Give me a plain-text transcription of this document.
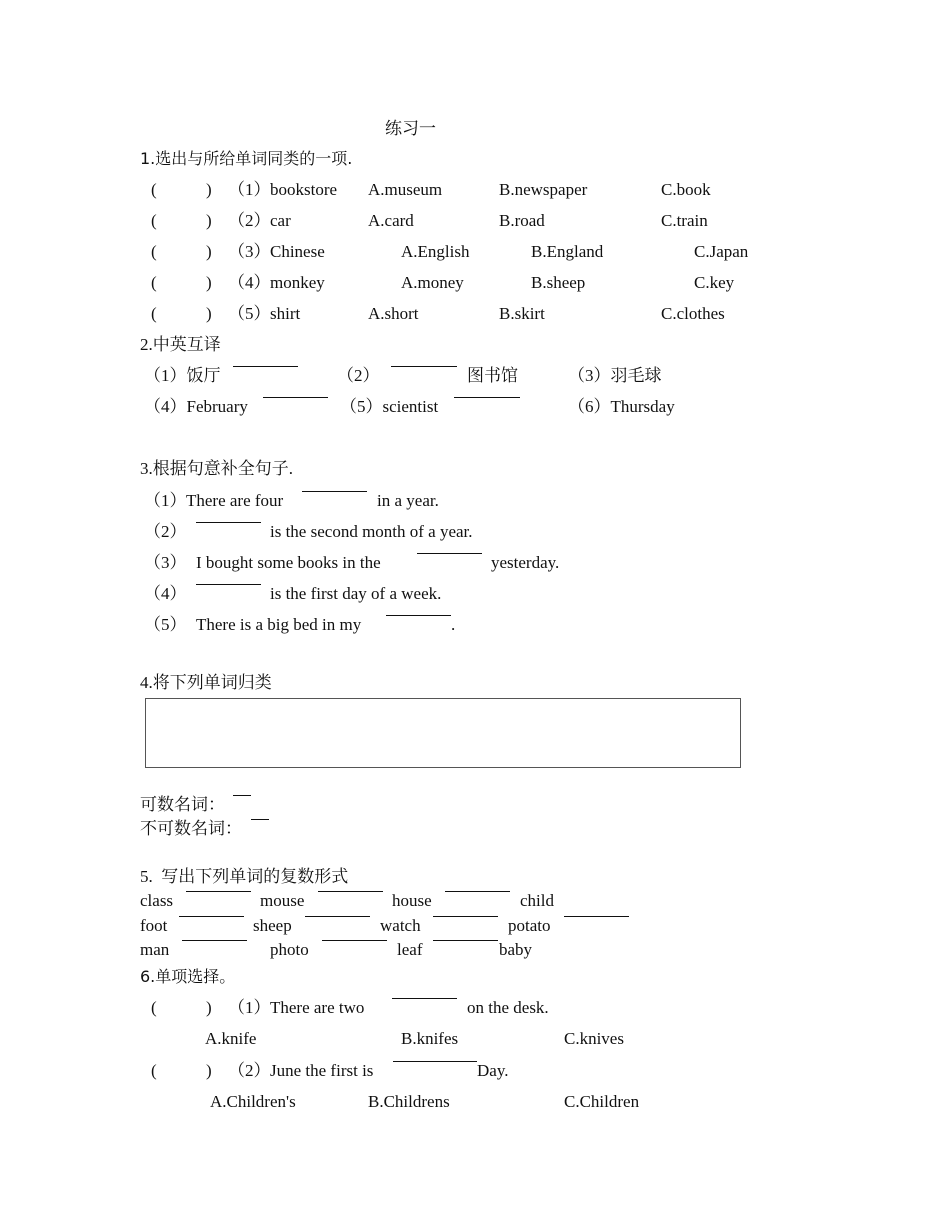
练习一
1.选出与所给单词同类的一项.
(	) （1） bookstore A.museum	B.newspaper	C.book
(	) （2） car	A.card	B.road	C.train
(	) （3） Chinese	A.English	B.England	C.Japan
(	) （4） monkey	A.money	B.sheep	C.key
(	) （5） shirt	A.short	B.skirt	C.clothes
2.中英互译
（1）饭厅	（2）	图书馆	（3）羽毛球
（4）February	（5）scientist	（6）Thursday
3.根据句意补全句子.
（1） There are four	in a year.
（2）	is the second month of a year.
（3） I bought some books in the	yesterday.
（4）	is the first day of a week.
（5） There is a big bed in my	.
4.将下列单词归类
可数名词：
不可数名词：
5.  写出下列单词的复数形式
class	mouse	house	child
foot	sheep	watch	potato
man	photo	leaf	baby
6.单项选择。
(	) （1） There are two	on the desk.
A.knife	B.knifes	C.knives
(	) （2） June the first is	Day.
A.Children's	B.Childrens	C.Children
